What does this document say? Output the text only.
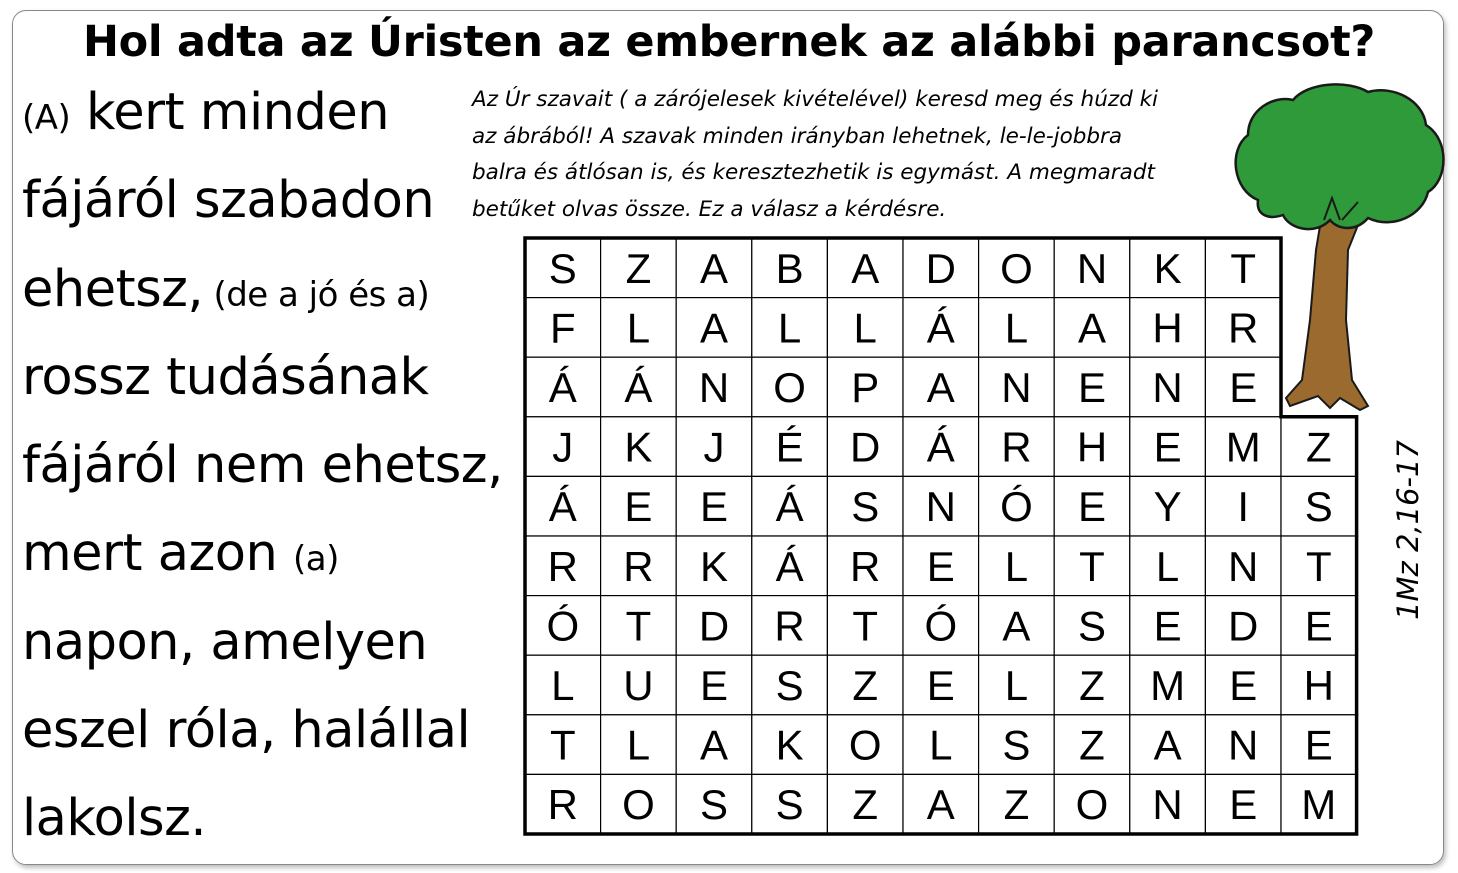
Hol adta az Úristen az embernek az alábbi parancsot?
(A) kert minden
fájáról szabadon
ehetsz, (de a jó és a)
rossz tudásának
fájáról nem ehetsz,
mert azon (a)
napon, amelyen
eszel róla, halállal
lakolsz.
Az Úr szavait ( a zárójelesek kivételével) keresd meg és húzd ki
az ábrából! A szavak minden irányban lehetnek, le-le-jobbra
balra és átlósan is, és keresztezhetik is egymást. A megmaradt
betűket olvas össze. Ez a válasz a kérdésre.
1Mz 2,16-17
S Z A B A D O N K T
F L A L L Á L A H R
Á Á N O P A N E N E
J K J É D Á R H E M Z
Á E E Á S N Ó E Y I S
R R K Á R E L T L N T
Ó T D R T Ó A S E D E
L U E S Z E L Z M E H
T L A K O L S Z A N E
R O S S Z A Z O N E M
